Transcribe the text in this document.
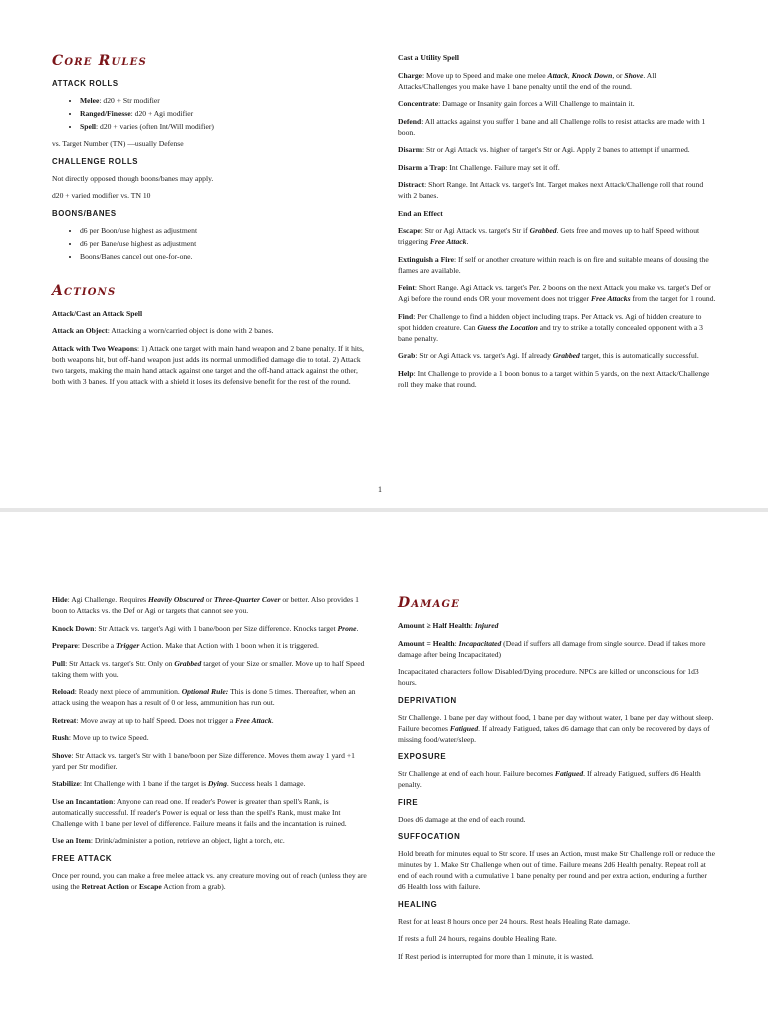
Core Rules
ATTACK ROLLS
• Melee: d20 + Str modifier
• Ranged/Finesse: d20 + Agi modifier
• Spell: d20 + varies (often Int/Will modifier)

vs. Target Number (TN) —usually Defense

CHALLENGE ROLLS

Not directly opposed though boons/banes may apply.

d20 + varied modifier vs. TN 10

BOONS/BANES
• d6 per Boon/use highest as adjustment
• d6 per Bane/use highest as adjustment
• Boons/Banes cancel out one-for-one.
Actions

Attack/Cast an Attack Spell

Attack an Object: Attacking a worn/carried object is done with 2 banes.

Attack with Two Weapons: 1) Attack one target with main hand weapon and 2 bane penalty. If it hits, both weapons hit, but off-hand weapon just adds its normal unmodified damage die to total. 2) Attack two targets, making the main hand attack against one target and the off-hand attack against the other, both with 3 banes. If you attack with a shield it loses its defensive benefit for the rest of the round.

Cast a Utility Spell

Charge: Move up to Speed and make one melee Attack, Knock Down, or Shove. All Attacks/Challenges you make have 1 bane penalty until the end of the round.

Concentrate: Damage or Insanity gain forces a Will Challenge to maintain it.

Defend: All attacks against you suffer 1 bane and all Challenge rolls to resist attacks are made with 1 boon.

Disarm: Str or Agi Attack vs. higher of target's Str or Agi. Apply 2 banes to attempt if unarmed.

Disarm a Trap: Int Challenge. Failure may set it off.

Distract: Short Range. Int Attack vs. target's Int. Target makes next Attack/Challenge roll that round with 2 banes.

End an Effect

Escape: Str or Agi Attack vs. target's Str if Grabbed. Gets free and moves up to half Speed without triggering Free Attack.

Extinguish a Fire: If self or another creature within reach is on fire and suitable means of dousing the flames are available.

Feint: Short Range. Agi Attack vs. target's Per. 2 boons on the next Attack you make vs. target's Def or Agi before the round ends OR your movement does not trigger Free Attacks from the target for 1 round.

Find: Per Challenge to find a hidden object including traps. Per Attack vs. Agi of hidden creature to spot hidden creature. Can Guess the Location and try to strike a totally concealed opponent with a 3 bane penalty.

Grab: Str or Agi Attack vs. target's Agi. If already Grabbed target, this is automatically successful.

Help: Int Challenge to provide a 1 boon bonus to a target within 5 yards, on the next Attack/Challenge roll they make that round.

1

Hide: Agi Challenge. Requires Heavily Obscured or Three-Quarter Cover or better. Also provides 1 boon to Attacks vs. the Def or Agi or targets that cannot see you.

Knock Down: Str Attack vs. target's Agi with 1 bane/boon per Size difference. Knocks target Prone.

Prepare: Describe a Trigger Action. Make that Action with 1 boon when it is triggered.

Pull: Str Attack vs. target's Str. Only on Grabbed target of your Size or smaller. Move up to half Speed taking them with you.

Reload: Ready next piece of ammunition. Optional Rule: This is done 5 times. Thereafter, when an attack using the weapon has a result of 0 or less, ammunition has run out.

Retreat: Move away at up to half Speed. Does not trigger a Free Attack.

Rush: Move up to twice Speed.

Shove: Str Attack vs. target's Str with 1 bane/boon per Size difference. Moves them away 1 yard +1 yard per Str modifier.

Stabilize: Int Challenge with 1 bane if the target is Dying. Success heals 1 damage.

Use an Incantation: Anyone can read one. If reader's Power is greater than spell's Rank, is automatically successful. If reader's Power is equal or less than the spell's Rank, must make Int Challenge with 1 bane per level of difference. Failure means it fails and the incantation is ruined.

Use an Item: Drink/administer a potion, retrieve an object, light a torch, etc.

FREE ATTACK

Once per round, you can make a free melee attack vs. any creature moving out of reach (unless they are using the Retreat Action or Escape Action from a grab).

Damage

Amount ≥ Half Health: Injured

Amount = Health: Incapacitated (Dead if suffers all damage from single source. Dead if takes more damage after being Incapacitated)

Incapacitated characters follow Disabled/Dying procedure. NPCs are killed or unconscious for 1d3 hours.

DEPRIVATION

Str Challenge. 1 bane per day without food, 1 bane per day without water, 1 bane per day without sleep. Failure becomes Fatigued. If already Fatigued, takes d6 damage that can only be recovered by days of missing food/water/sleep.

EXPOSURE

Str Challenge at end of each hour. Failure becomes Fatigued. If already Fatigued, suffers d6 Health penalty.

FIRE

Does d6 damage at the end of each round.

SUFFOCATION

Hold breath for minutes equal to Str score. If uses an Action, must make Str Challenge roll or reduce the minutes by 1. Make Str Challenge when out of time. Failure means 2d6 Health penalty. Repeat roll at end of each round with a cumulative 1 bane penalty per round and per extra action, enduring a further d6 Health loss with failure.

HEALING

Rest for at least 8 hours once per 24 hours. Rest heals Healing Rate damage.

If rests a full 24 hours, regains double Healing Rate.

If Rest period is interrupted for more than 1 minute, it is wasted.
